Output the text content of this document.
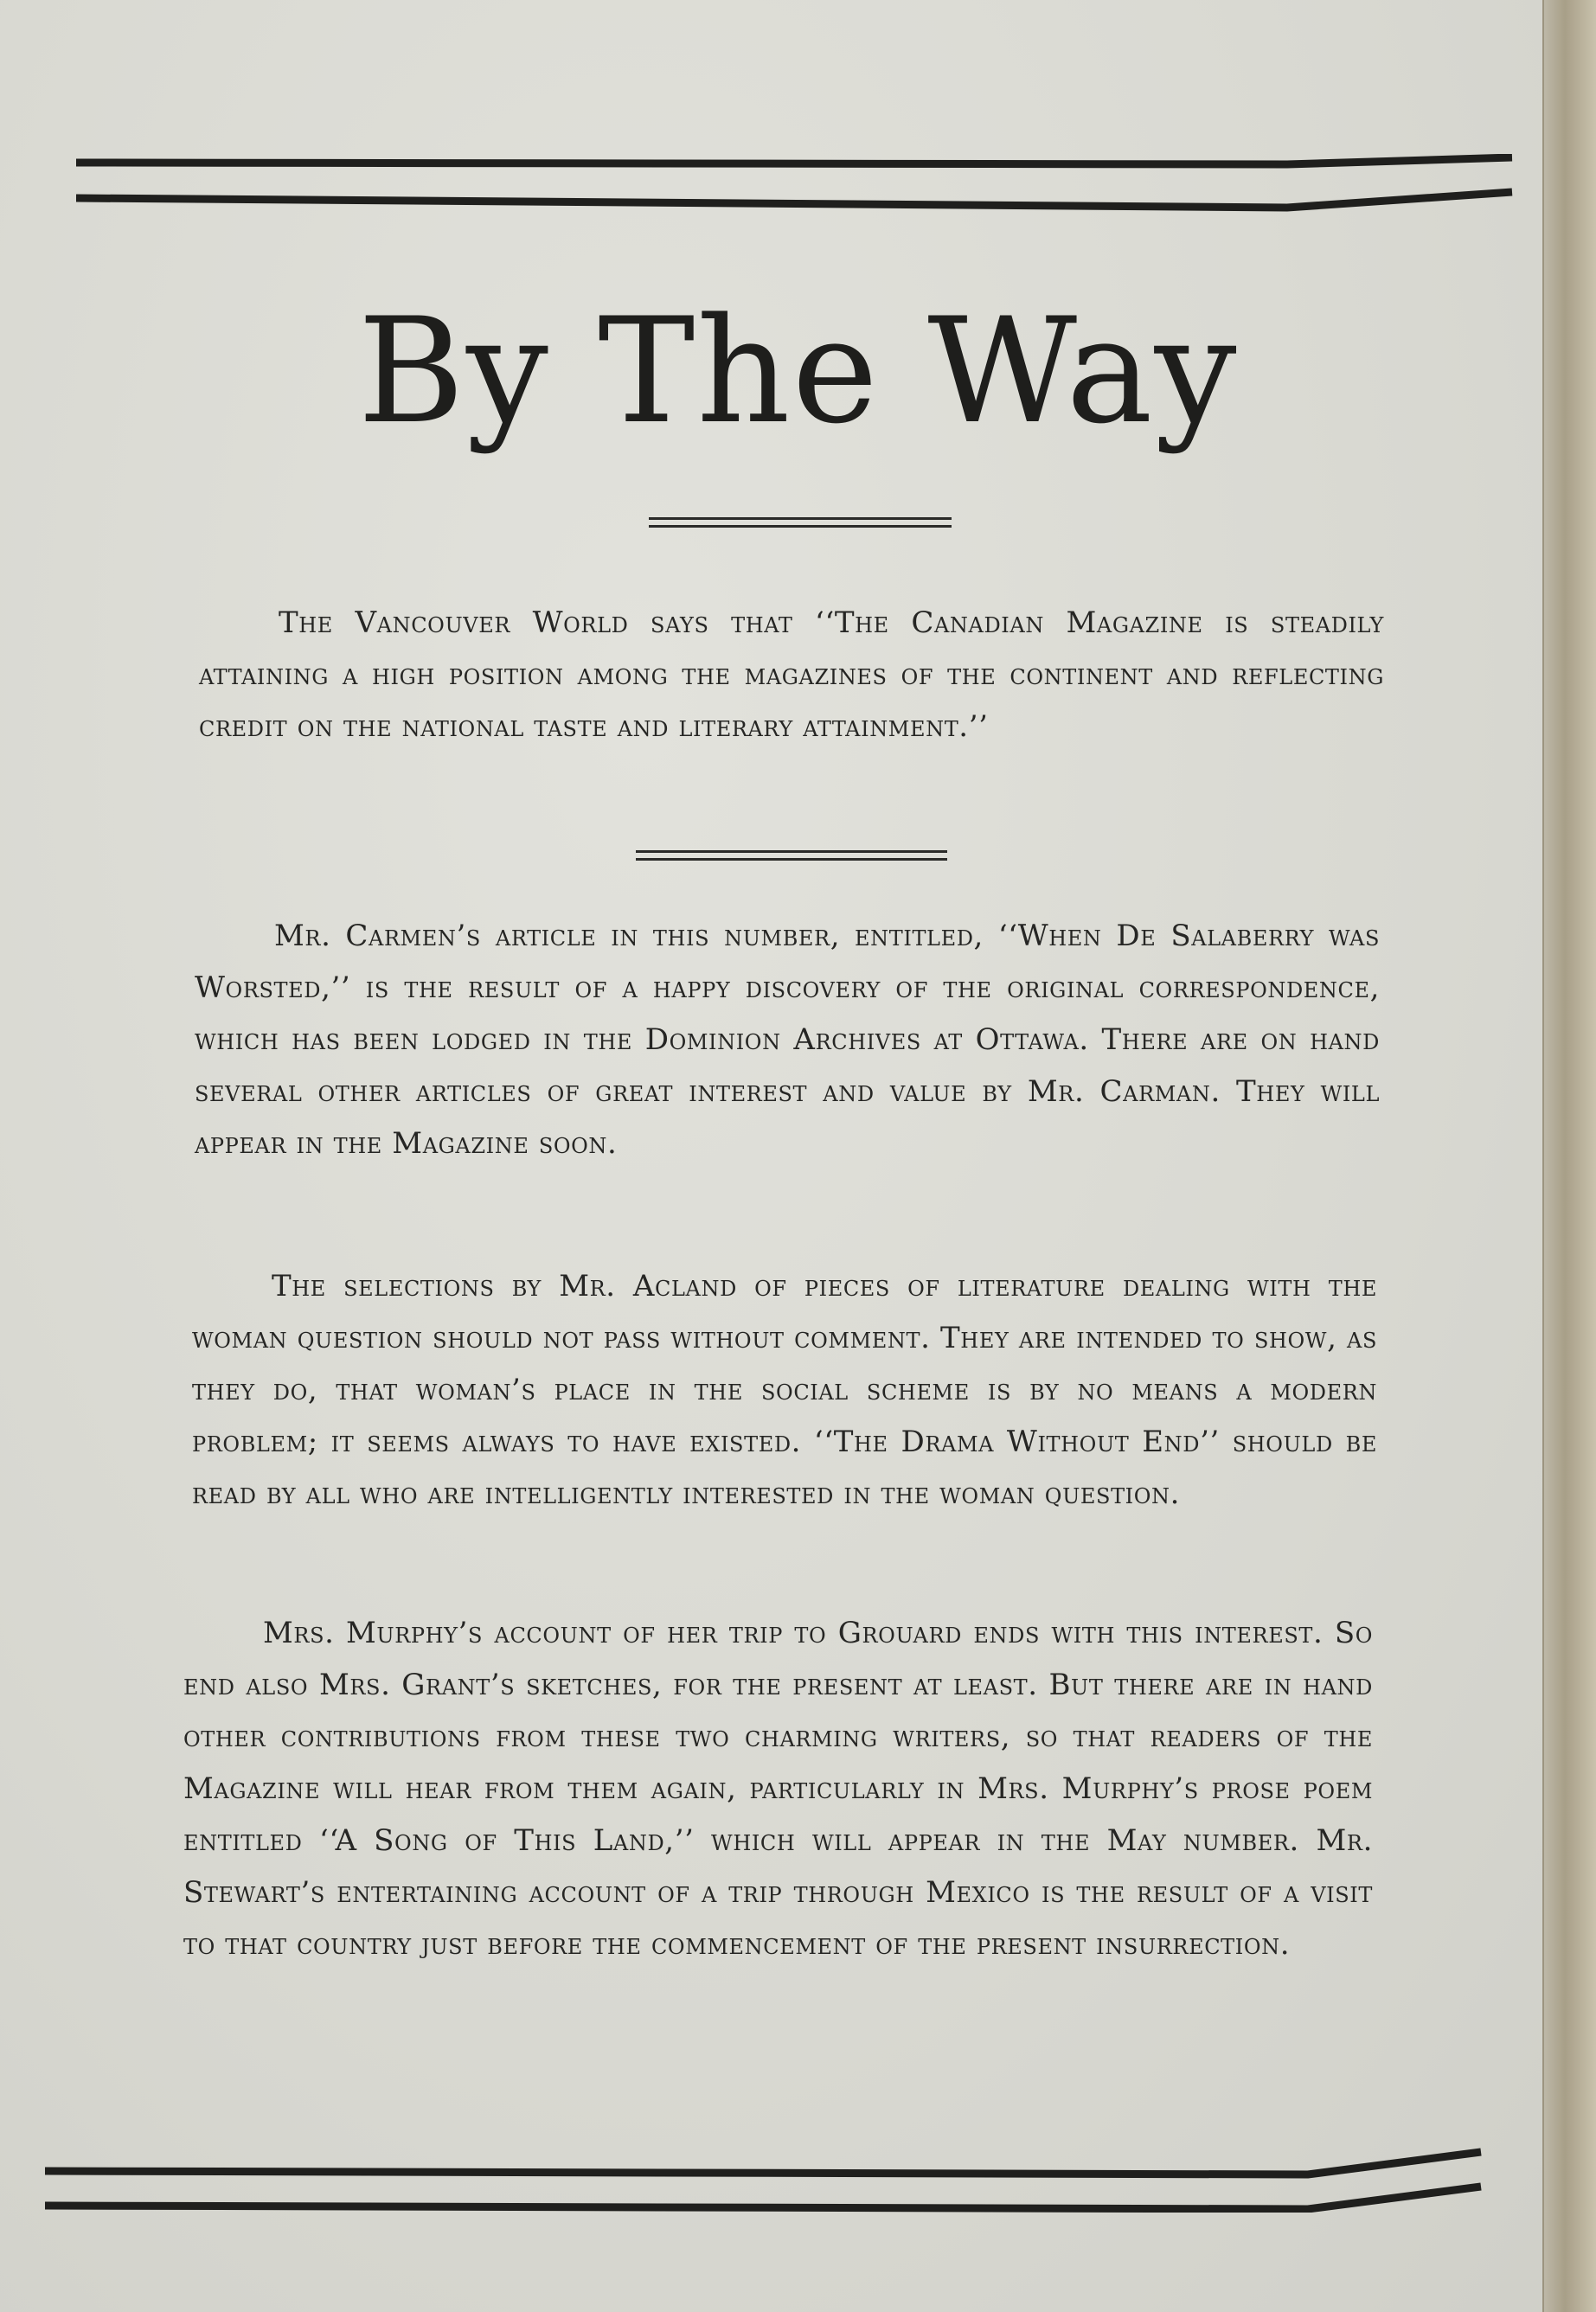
By The Way

The Vancouver World says that ‘‘The Canadian Magazine is steadily attaining a high position among the magazines of the continent and reflecting credit on the national taste and literary attainment.’’

Mr. Carmen’s article in this number, entitled, ‘‘When De Salaberry was Worsted,’’ is the result of a happy discovery of the original correspondence, which has been lodged in the Dominion Archives at Ottawa. There are on hand several other articles of great interest and value by Mr. Carman. They will appear in the Magazine soon.

The selections by Mr. Acland of pieces of literature dealing with the woman question should not pass without comment. They are intended to show, as they do, that woman’s place in the social scheme is by no means a modern problem; it seems always to have existed. ‘‘The Drama Without End’’ should be read by all who are intelligently interested in the woman question.

Mrs. Murphy’s account of her trip to Grouard ends with this interest. So end also Mrs. Grant’s sketches, for the present at least. But there are in hand other contributions from these two charming writers, so that readers of the Magazine will hear from them again, particularly in Mrs. Murphy’s prose poem entitled ‘‘A Song of This Land,’’ which will appear in the May number. Mr. Stewart’s entertaining account of a trip through Mexico is the result of a visit to that country just before the commencement of the present insurrection.
